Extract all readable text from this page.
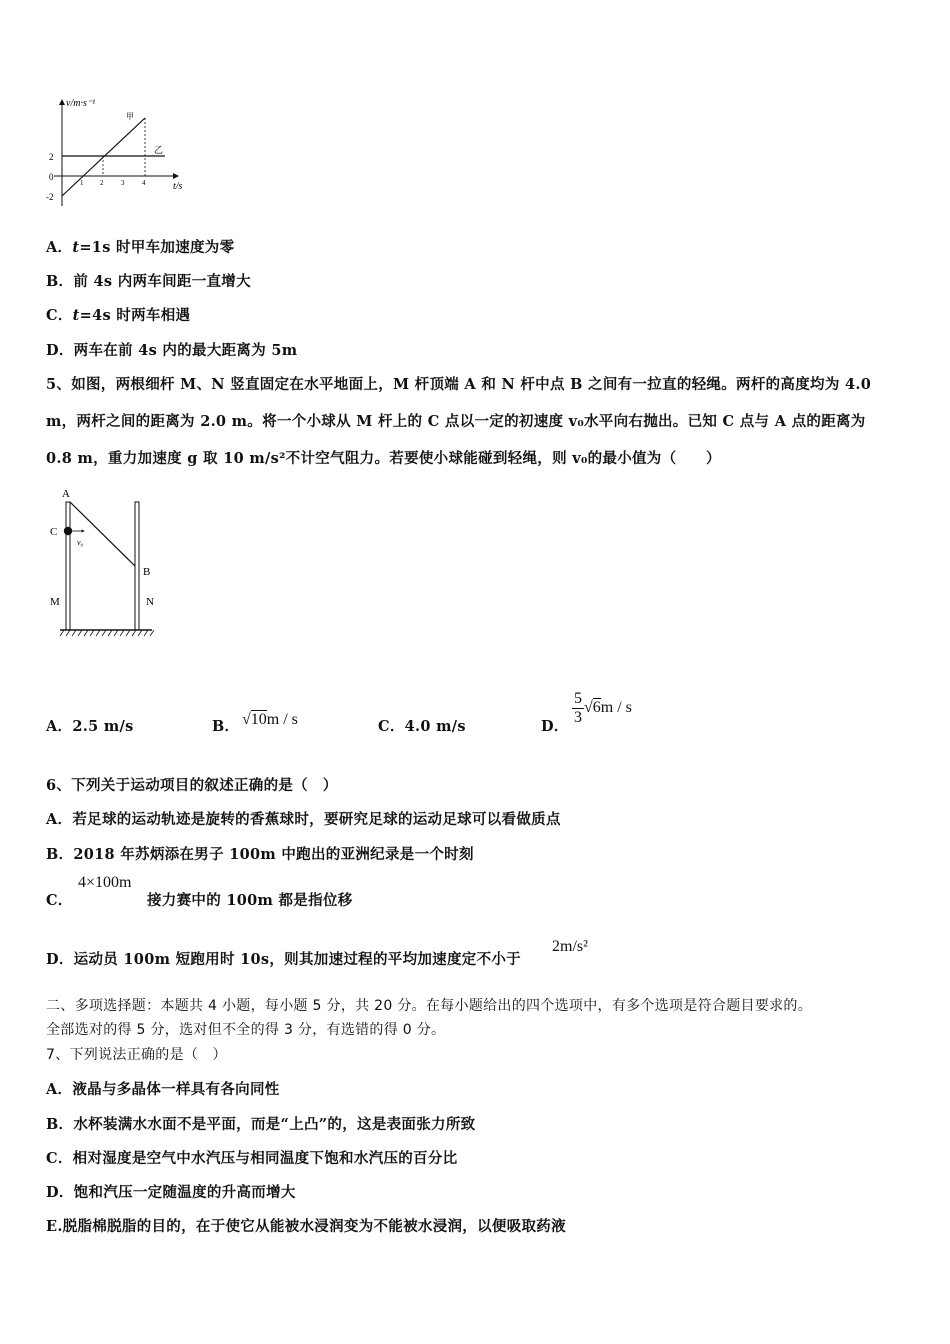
v/m·s⁻¹
t/s
2
0
-2
1 2	3	4
甲
乙
A．t=1s 时甲车加速度为零
B．前 4s 内两车间距一直增大
C．t=4s 时两车相遇
D．两车在前 4s 内的最大距离为 5m
5、如图，两根细杆 M、N 竖直固定在水平地面上，M 杆顶端 A 和 N 杆中点 B 之间有一拉直的轻绳。两杆的高度均为 4.0
m，两杆之间的距离为 2.0 m。将一个小球从 M 杆上的 C 点以一定的初速度 v₀水平向右抛出。已知 C 点与 A 点的距离为
0.8 m，重力加速度 g 取 10 m/s²不计空气阻力。若要使小球能碰到轻绳，则 v₀的最小值为（　　）
A
C
v₀
B
M	N
A．2.5 m/s	B． √10m / s	C．4.0 m/s	D． $\frac{5}{3} √6m$ / s
6、下列关于运动项目的叙述正确的是（　）
A．若足球的运动轨迹是旋转的香蕉球时，要研究足球的运动足球可以看做质点
B．2018 年苏炳添在男子 100m 中跑出的亚洲纪录是一个时刻
C．
4×100m
接力赛中的 100m 都是指位移
D．运动员 100m 短跑用时 10s，则其加速过程的平均加速度定不小于
2m/s²
二、多项选择题：本题共 4 小题，每小题 5 分，共 20 分。在每小题给出的四个选项中，有多个选项是符合题目要求的。
全部选对的得 5 分，选对但不全的得 3 分，有选错的得 0 分。
7、下列说法正确的是（　）
A．液晶与多晶体一样具有各向同性
B．水杯装满水水面不是平面，而是“上凸”的，这是表面张力所致
C．相对湿度是空气中水汽压与相同温度下饱和水汽压的百分比
D．饱和汽压一定随温度的升高而增大
E.脱脂棉脱脂的目的，在于使它从能被水浸润变为不能被水浸润，以便吸取药液
